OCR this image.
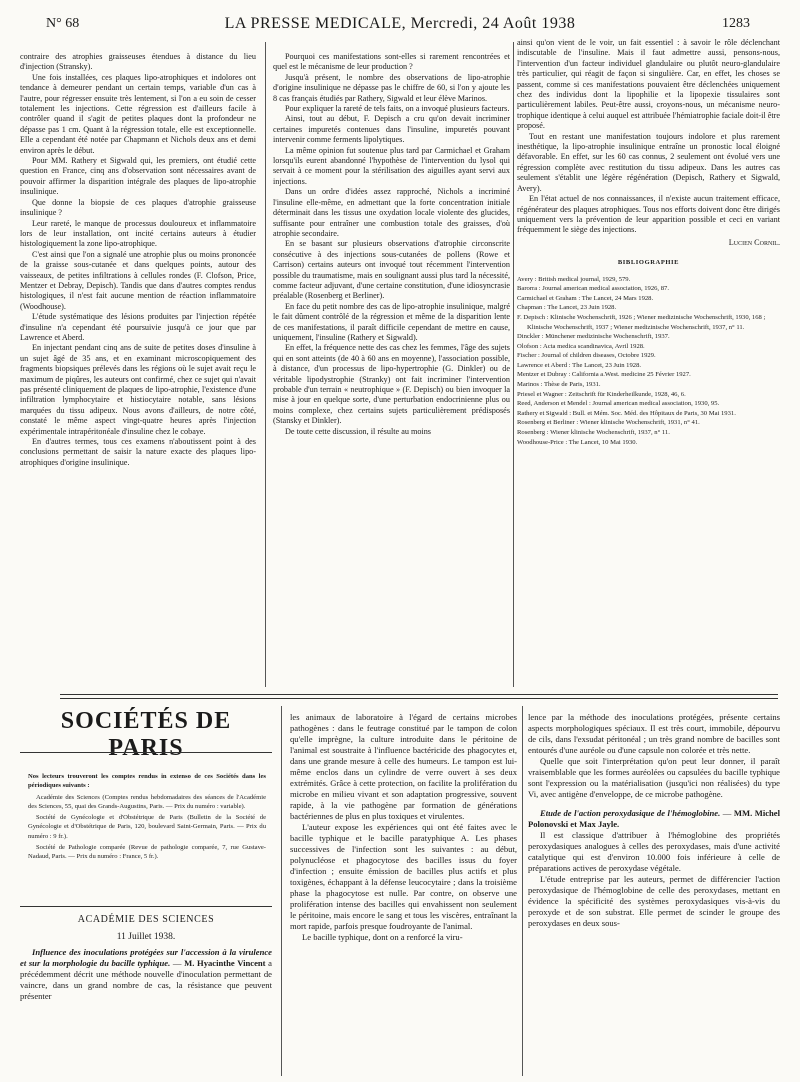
N° 68	LA PRESSE MEDICALE, Mercredi, 24 Août 1938	1283

contraire des atrophies graisseuses étendues à distance du lieu d'injection (Stransky).

Une fois installées, ces plaques lipo-atrophiques et indolores ont tendance à demeurer pendant un certain temps, variable d'un cas à l'autre, pour régresser ensuite très lentement, si l'on a eu soin de cesser totalement les injections. Cette régression est d'ailleurs facile à contrôler quand il s'agit de petites plaques dont la profondeur ne dépasse pas 1 cm. Quant à la régression totale, elle est exceptionnelle. Elle a cependant été notée par Chapmann et Nichols deux ans et demi environ après le début.

Pour MM. Rathery et Sigwald qui, les premiers, ont étudié cette question en France, cinq ans d'observation sont nécessaires avant de pouvoir affirmer la disparition intégrale des plaques de lipo-atrophie insulinique.

Que donne la biopsie de ces plaques d'atrophie graisseuse insulinique ?

Leur rareté, le manque de processus douloureux et inflammatoire lors de leur installation, ont incité certains auteurs à étudier histologiquement la zone lipo-atrophique.

C'est ainsi que l'on a signalé une atrophie plus ou moins prononcée de la graisse sous-cutanée et dans quelques points, autour des vaisseaux, de petites infiltrations à cellules rondes (F. Clofson, Price, Mentzer et Debray, Depisch). Tandis que dans d'autres comptes rendus histologiques, il n'est fait aucune mention de réaction inflammatoire (Woodhouse).

L'étude systématique des lésions produites par l'injection répétée d'insuline n'a cependant été poursuivie jusqu'à ce jour que par Lawrence et Aberd.

En injectant pendant cinq ans de suite de petites doses d'insuline à un sujet âgé de 35 ans, et en examinant microscopiquement des fragments biopsiques prélevés dans les régions où le sujet avait reçu le maximum de piqûres, les auteurs ont confirmé, chez ce sujet qui n'avait pas présenté cliniquement de plaques de lipo-atrophie, l'existence d'une infiltration lymphocytaire et histiocytaire notable, sans lésions marquées du tissu adipeux. Nous avons d'ailleurs, de notre côté, constaté le même aspect vingt-quatre heures après l'injection expérimentale intrapéritonéale d'insuline chez le cobaye.

En d'autres termes, tous ces examens n'aboutissent point à des conclusions permettant de saisir la nature exacte des plaques lipo-atrophiques d'origine insulinique.

Pourquoi ces manifestations sont-elles si rarement rencontrées et quel est le mécanisme de leur production ?

Jusqu'à présent, le nombre des observations de lipo-atrophie d'origine insulinique ne dépasse pas le chiffre de 60, si l'on y ajoute les 8 cas français étudiés par Rathery, Sigwald et leur élève Marinos.

Pour expliquer la rareté de tels faits, on a invoqué plusieurs facteurs.

Ainsi, tout au début, F. Depisch a cru qu'on devait incriminer certaines impuretés contenues dans l'insuline, impuretés pouvant intervenir comme ferments lipolytiques.

La même opinion fut soutenue plus tard par Carmichael et Graham lorsqu'ils eurent abandonné l'hypothèse de l'intervention du lysol qui servait à ce moment pour la stérilisation des aiguilles ayant servi aux injections.

Dans un ordre d'idées assez rapproché, Nichols a incriminé l'insuline elle-même, en admettant que la forte concentration initiale déterminait dans les tissus une oxydation locale violente des glucides, suffisante pour entraîner une combustion totale des graisses, d'où atrophie secondaire.

En se basant sur plusieurs observations d'atrophie circonscrite consécutive à des injections sous-cutanées de pollens (Rowe et Carrison) certains auteurs ont invoqué tout récemment l'intervention possible du traumatisme, mais en soulignant aussi plus tard la nécessité, comme facteur adjuvant, d'une certaine constitution, d'une idiosyncrasie préalable (Rosenberg et Berliner).

En face du petit nombre des cas de lipo-atrophie insulinique, malgré le fait dûment contrôlé de la régression et même de la disparition lente de ces manifestations, il paraît difficile cependant de mettre en cause, uniquement, l'insuline (Rathery et Sigwald).

En effet, la fréquence nette des cas chez les femmes, l'âge des sujets qui en sont atteints (de 40 à 60 ans en moyenne), l'association possible, à distance, d'un processus de lipo-hypertrophie (G. Dinkler) ou de véritable lipodystrophie (Stranky) ont fait incriminer l'intervention probable d'un terrain « neutrophique » (F. Depisch) ou bien invoquer la mise à jour en quelque sorte, d'une perturbation endocrinienne plus ou moins complexe, chez certains sujets particulièrement prédisposés (Stansky et Dinkler).

De toute cette discussion, il résulte au moins

ainsi qu'on vient de le voir, un fait essentiel : à savoir le rôle déclenchant indiscutable de l'insuline. Mais il faut admettre aussi, pensons-nous, l'intervention d'un facteur individuel glandulaire ou plutôt neuro-glandulaire très particulier, qui réagit de façon si singulière. Car, en effet, les choses se passent, comme si ces manifestations pouvaient être déclenchées uniquement chez des individus dont la lipophilie et la lipopexie tissulaires sont particulièrement labiles. Peut-être aussi, croyons-nous, un mécanisme neuro-trophique identique à celui auquel est attribuée l'hémiatrophie faciale doit-il être proposé.

Tout en restant une manifestation toujours indolore et plus rarement inesthétique, la lipo-atrophie insulinique entraîne un pronostic local éloigné défavorable. En effet, sur les 60 cas connus, 2 seulement ont évolué vers une régression complète avec restitution du tissu adipeux. Dans les autres cas seulement s'établit une légère régénération (Depisch, Rathery et Sigwald, Avery).

En l'état actuel de nos connaissances, il n'existe aucun traitement efficace, régénérateur des plaques atrophiques. Tous nos efforts doivent donc être dirigés uniquement vers la prévention de leur apparition possible et ceci en variant fréquemment le siège des injections.

Lucien Cornil.
BIBLIOGRAPHIE
Avery : British medical journal, 1929, 579.
Barorra : Journal american medical association, 1926, 87.
Carmichael et Graham : The Lancet, 24 Mars 1928.
Chapman : The Lancet, 23 Juin 1928.
F. Depisch : Klinische Wochenschrift, 1926 ; Wiener medizinische Wochenschrift, 1930, 168 ; Klinische Wochenschrift, 1937 ; Wiener medizinische Wochenschrift, 1937, n° 11.
Dinckler : Münchener medizinische Wochenschrift, 1937.
Olofson : Acta medica scandinavica, Avril 1928.
Fischer : Journal of children diseases, Octobre 1929.
Lawrence et Aberd : The Lancet, 23 Juin 1928.
Mentzer et Dubray : California a.West. medicine 25 Février 1927.
Marinos : Thèse de Paris, 1931.
Priesel et Wagner : Zeitschrift für Kinderheilkunde, 1928, 46, 6.
Reed, Anderson et Mendel : Journal american medical association, 1930, 95.
Rathery et Sigwald : Bull. et Mém. Soc. Méd. des Hôpitaux de Paris, 30 Mai 1931.
Rosenberg et Berliner : Wiener klinische Wochenschrift, 1931, n° 41.
Rosenberg : Wiener klinische Wochenschrift, 1937, n° 11.
Woodhouse-Price : The Lancet, 10 Mai 1930.
SOCIÉTÉS DE PARIS

Nos lecteurs trouveront les comptes rendus in extenso de ces Sociétés dans les périodiques suivants :

Académie des Sciences (Comptes rendus hebdomadaires des séances de l'Académie des Sciences, 55, quai des Grands-Augustins, Paris. — Prix du numéro : variable).

Société de Gynécologie et d'Obstétrique de Paris (Bulletin de la Société de Gynécologie et d'Obstétrique de Paris, 120, boulevard Saint-Germain, Paris. — Prix du numéro : 9 fr.).

Société de Pathologie comparée (Revue de pathologie comparée, 7, rue Gustave-Nadaud, Paris. — Prix du numéro : France, 5 fr.).

ACADÉMIE DES SCIENCES
11 Juillet 1938.

Influence des inoculations protégées sur l'accession à la virulence et sur la morphologie du bacille typhique. — M. Hyacinthe Vincent a précédemment décrit une méthode nouvelle d'inoculation permettant de vaincre, dans un grand nombre de cas, la résistance que peuvent présenter

les animaux de laboratoire à l'égard de certains microbes pathogènes : dans le feutrage constitué par le tampon de colon qu'elle imprègne, la culture introduite dans le péritoine de l'animal est soustraite à l'influence bactéricide des phagocytes et, dans une grande mesure à celle des humeurs. Le tampon est lui-même enclos dans un cylindre de verre ouvert à ses deux extrémités. Grâce à cette protection, on facilite la prolifération du microbe en milieu vivant et son adaptation progressive, souvent rapide, à la vie pathogène par formation de générations bactériennes de plus en plus toxiques et virulentes.

L'auteur expose les expériences qui ont été faites avec le bacille typhique et le bacille paratyphique A. Les phases successives de l'infection sont les suivantes : au début, polynucléose et phagocytose des bacilles issus du foyer d'infection ; ensuite émission de bacilles plus actifs et plus toxigènes, échappant à la défense leucocytaire ; dans la troisième phase la phagocytose est nulle. Par contre, on observe une prolifération intense des bacilles qui envahissent non seulement le péritoine, mais encore le sang et tous les viscères, entraînant la mort rapide, parfois presque foudroyante de l'animal.

Le bacille typhique, dont on a renforcé la viru-

lence par la méthode des inoculations protégées, présente certains aspects morphologiques spéciaux. Il est très court, immobile, dépourvu de cils, dans l'exsudat péritonéal ; un très grand nombre de bacilles sont entourés d'une auréole ou d'une capsule non colorée et très nette.

Quelle que soit l'interprétation qu'on peut leur donner, il paraît vraisemblable que les formes auréolées ou capsulées du bacille typhique sont l'expression ou la matérialisation (jusqu'ici non réalisées) du type Vi, avec antigène d'enveloppe, de ce microbe pathogène.

Etude de l'action peroxydasique de l'hémoglobine. — MM. Michel Polonovski et Max Jayle.

Il est classique d'attribuer à l'hémoglobine des propriétés peroxydasiques analogues à celles des peroxydases, mais d'une activité catalytique qui est d'environ 10.000 fois inférieure à celle de préparations actives de peroxydase végétale.

L'étude entreprise par les auteurs, permet de différencier l'action peroxydasique de l'hémoglobine de celle des peroxydases, mettant en évidence la spécificité des systèmes peroxydasiques vis-à-vis du peroxyde et de son substrat. Elle permet de scinder le groupe des peroxydases en deux sous-
